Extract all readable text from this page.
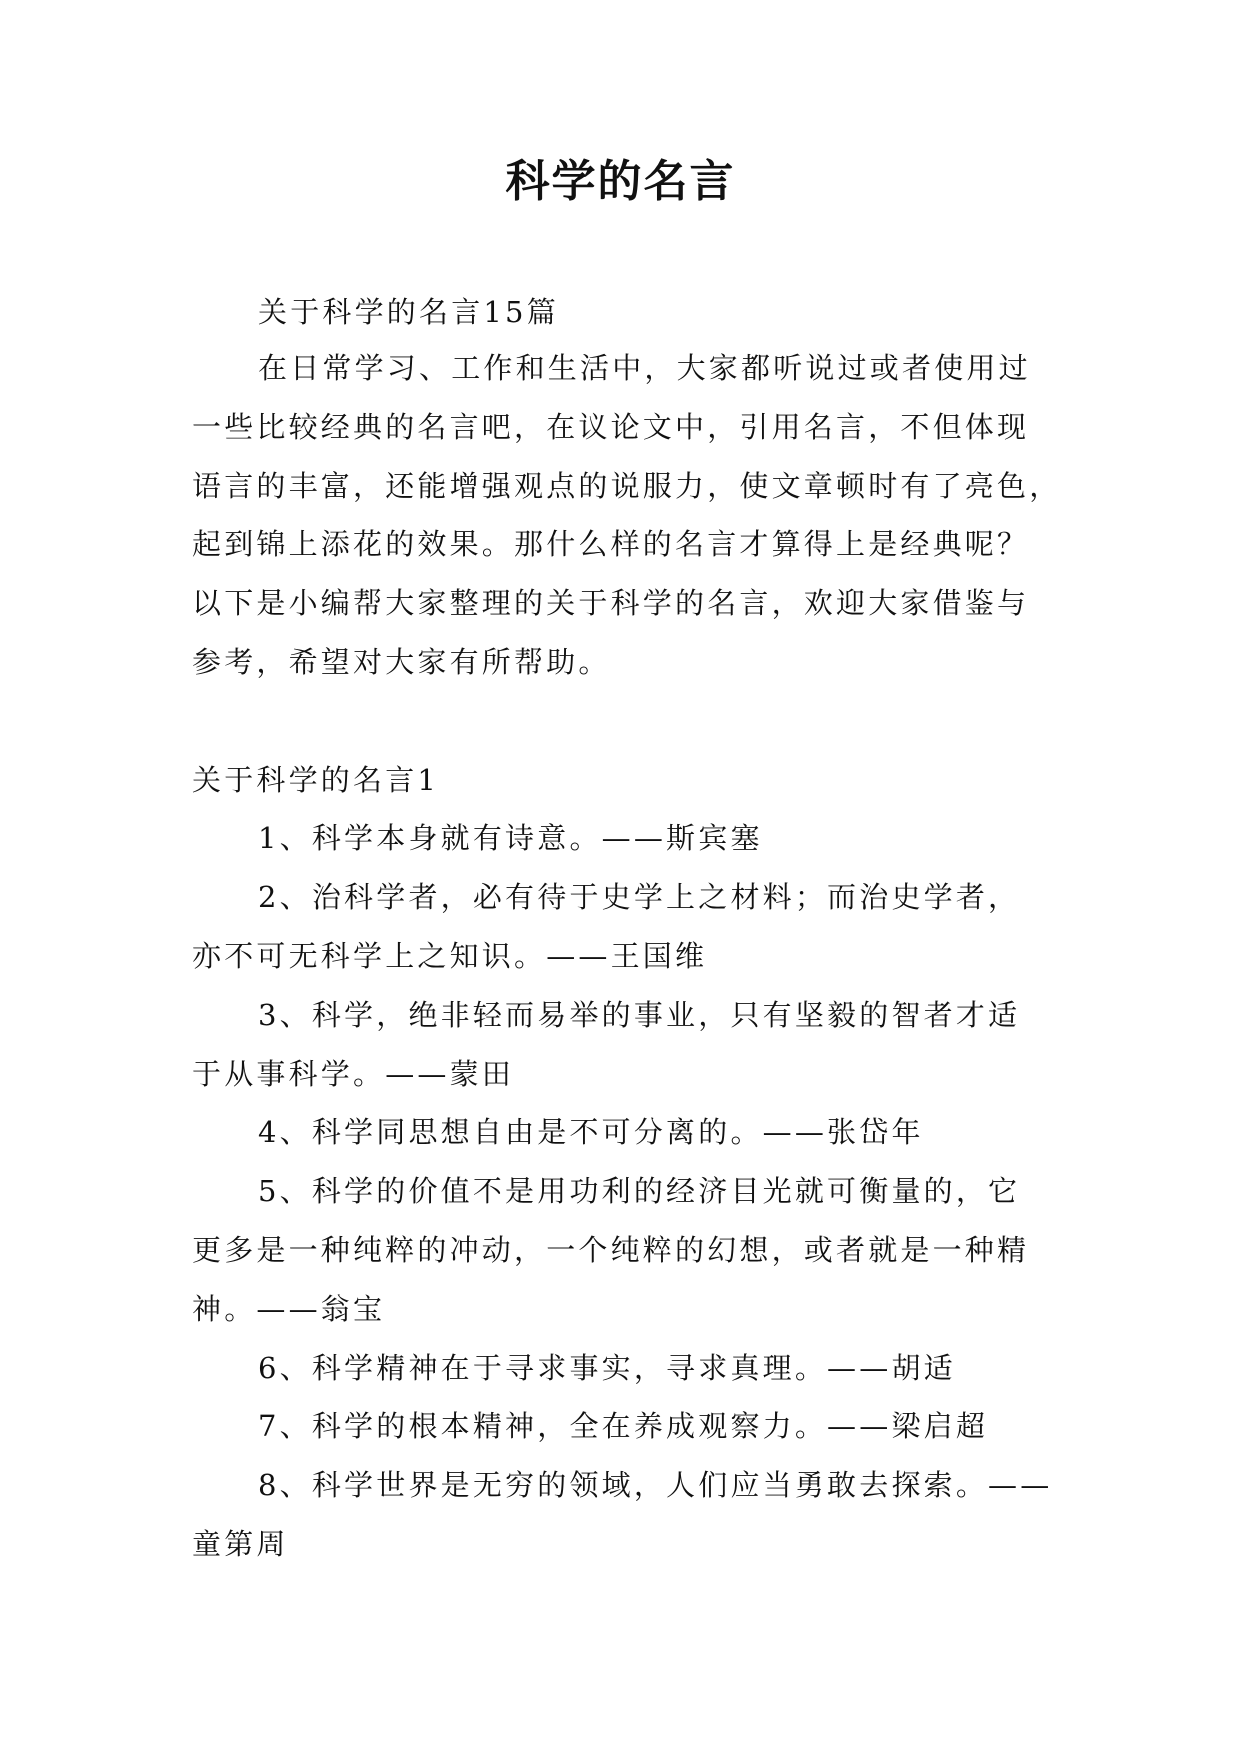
科学的名言
关于科学的名言15篇
在日常学习、工作和生活中，大家都听说过或者使用过
一些比较经典的名言吧，在议论文中，引用名言，不但体现
语言的丰富，还能增强观点的说服力，使文章顿时有了亮色，
起到锦上添花的效果。那什么样的名言才算得上是经典呢？
以下是小编帮大家整理的关于科学的名言，欢迎大家借鉴与
参考，希望对大家有所帮助。
关于科学的名言1
1、科学本身就有诗意。——斯宾塞
2、治科学者，必有待于史学上之材料；而治史学者，
亦不可无科学上之知识。——王国维
3、科学，绝非轻而易举的事业，只有坚毅的智者才适
于从事科学。——蒙田
4、科学同思想自由是不可分离的。——张岱年
5、科学的价值不是用功利的经济目光就可衡量的，它
更多是一种纯粹的冲动，一个纯粹的幻想，或者就是一种精
神。——翁宝
6、科学精神在于寻求事实，寻求真理。——胡适
7、科学的根本精神，全在养成观察力。——梁启超
8、科学世界是无穷的领域，人们应当勇敢去探索。——
童第周
